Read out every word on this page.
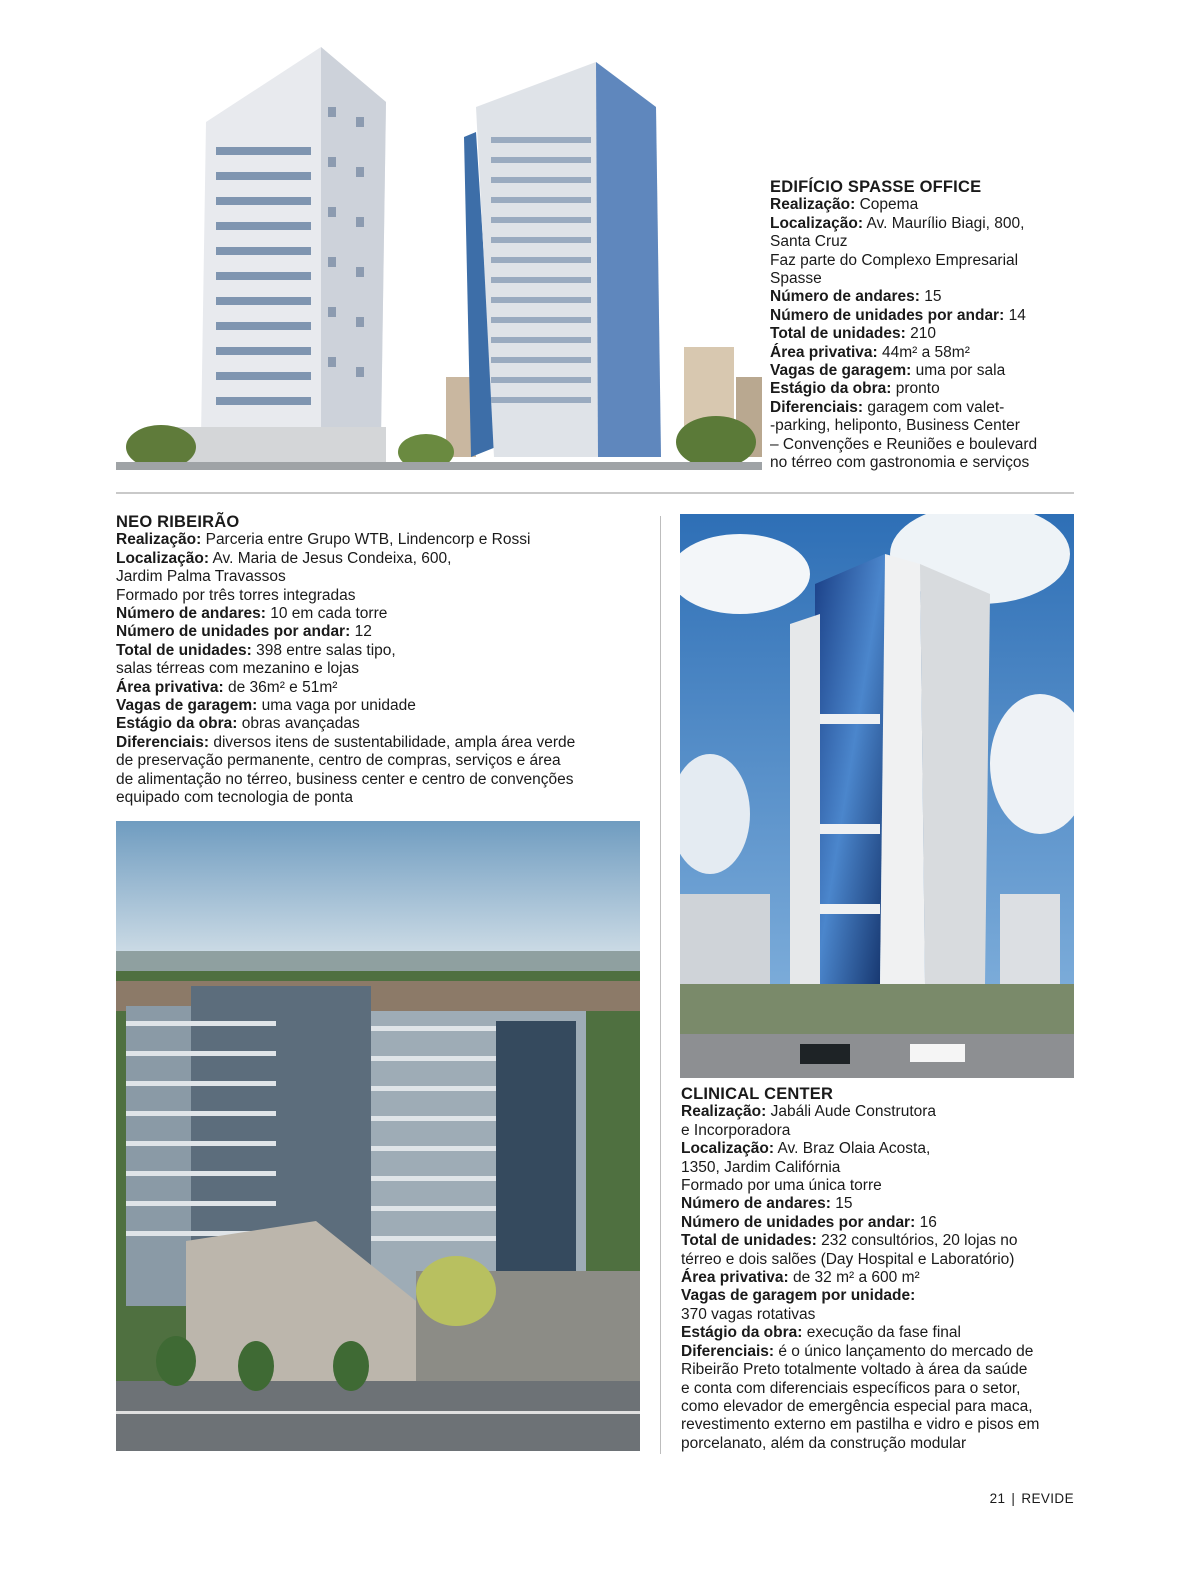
EDIFÍCIO SPASSE OFFICE
Realização: Copema
Localização: Av. Maurílio Biagi, 800,
Santa Cruz
Faz parte do Complexo Empresarial
Spasse
Número de andares: 15
Número de unidades por andar: 14
Total de unidades: 210
Área privativa: 44m² a 58m²
Vagas de garagem: uma por sala
Estágio da obra: pronto
Diferenciais: garagem com valet-
-parking, heliponto, Business Center
– Convenções e Reuniões e boulevard
no térreo com gastronomia e serviços
NEO RIBEIRÃO
Realização: Parceria entre Grupo WTB, Lindencorp e Rossi
Localização: Av. Maria de Jesus Condeixa, 600,
Jardim Palma Travassos
Formado por três torres integradas
Número de andares: 10 em cada torre
Número de unidades por andar: 12
Total de unidades: 398 entre salas tipo,
salas térreas com mezanino e lojas
Área privativa: de 36m² e 51m²
Vagas de garagem: uma vaga por unidade
Estágio da obra: obras avançadas
Diferenciais: diversos itens de sustentabilidade, ampla área verde
de preservação permanente, centro de compras, serviços e área
de alimentação no térreo, business center e centro de convenções
equipado com tecnologia de ponta
CLINICAL CENTER
Realização: Jabáli Aude Construtora
e Incorporadora
Localização: Av. Braz Olaia Acosta,
1350, Jardim Califórnia
Formado por uma única torre
Número de andares: 15
Número de unidades por andar: 16
Total de unidades: 232 consultórios, 20 lojas no
térreo e dois salões (Day Hospital e Laboratório)
Área privativa: de 32 m² a 600 m²
Vagas de garagem por unidade:
370 vagas rotativas
Estágio da obra: execução da fase final
Diferenciais: é o único lançamento do mercado de
Ribeirão Preto totalmente voltado à área da saúde
e conta com diferenciais específicos para o setor,
como elevador de emergência especial para maca,
revestimento externo em pastilha e vidro e pisos em
porcelanato, além da construção modular
21 | REVIDE
